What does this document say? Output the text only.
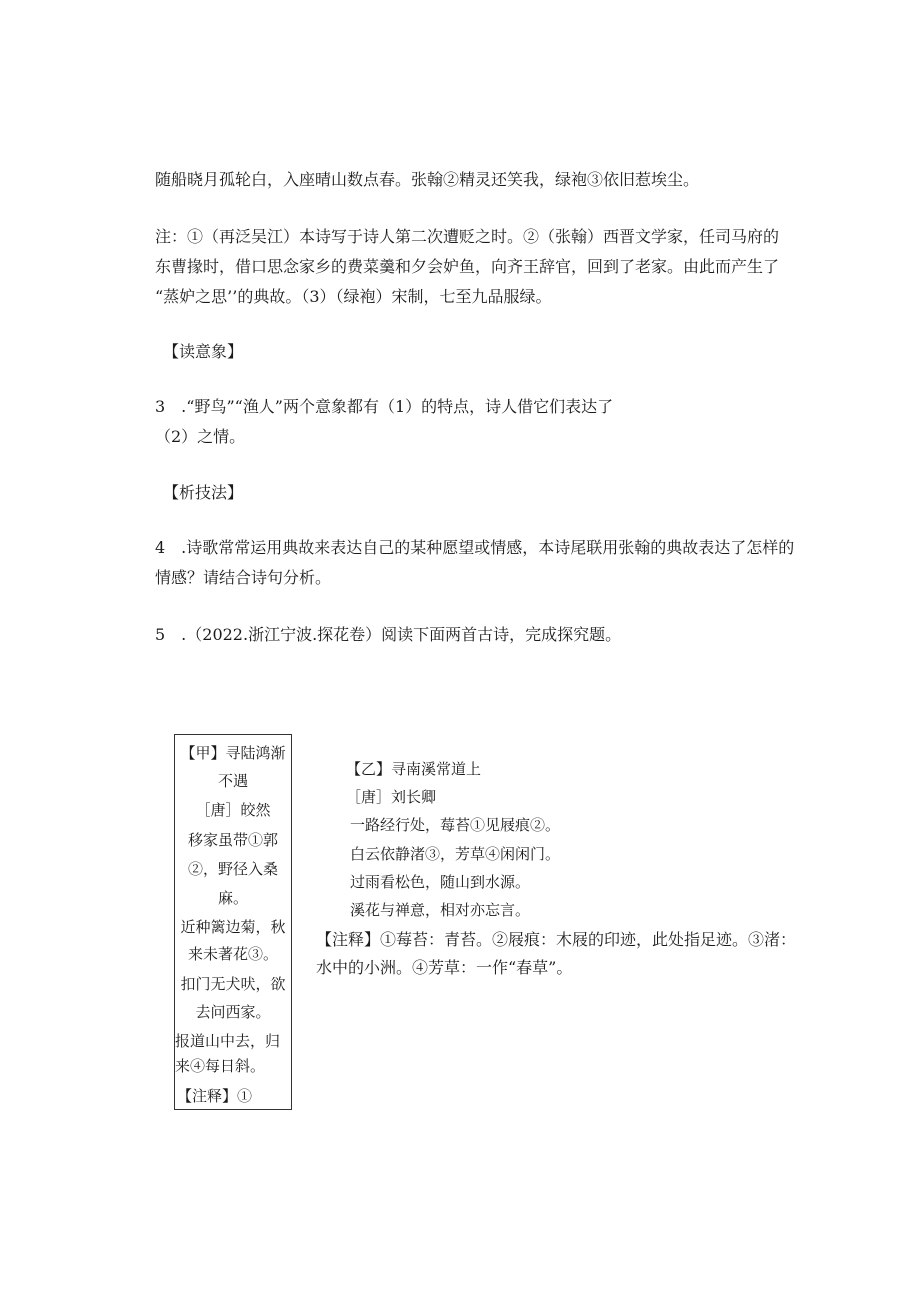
随船晓月孤轮白，入座晴山数点春。张翰②精灵还笑我，绿袍③依旧惹埃尘。
注：①（再泛吴江）本诗写于诗人第二次遭贬之时。②（张翰）西晋文学家，任司马府的
东曹掾时，借口思念家乡的费菜羹和夕会妒鱼，向齐王辞官，回到了老家。由此而产生了
“蒸妒之思’’的典故。（3）（绿袍）宋制，七至九品服绿。
【读意象】
3　.“野鸟”“渔人”两个意象都有（1）的特点，诗人借它们表达了
（2）之情。
【析技法】
4　.诗歌常常运用典故来表达自己的某种愿望或情感，本诗尾联用张翰的典故表达了怎样的
情感？请结合诗句分析。
5　.（2022.浙江宁波.探花卷）阅读下面两首古诗，完成探究题。
【甲】寻陆鸿渐
不遇
［唐］皎然
移家虽带①郭
②，野径入桑
麻。
近种篱边菊，秋
来未著花③。
扣门无犬吠，欲
去问西家。
报道山中去，归
来④每日斜。
【注释】①
【乙】寻南溪常道上
［唐］刘长卿
一路经行处，莓苔①见屐痕②。
白云依静渚③，芳草④闲闲门。
过雨看松色，随山到水源。
溪花与禅意，相对亦忘言。
【注释】①莓苔：青苔。②屐痕：木屐的印迹，此处指足迹。③渚：
水中的小洲。④芳草：一作“春草”。
